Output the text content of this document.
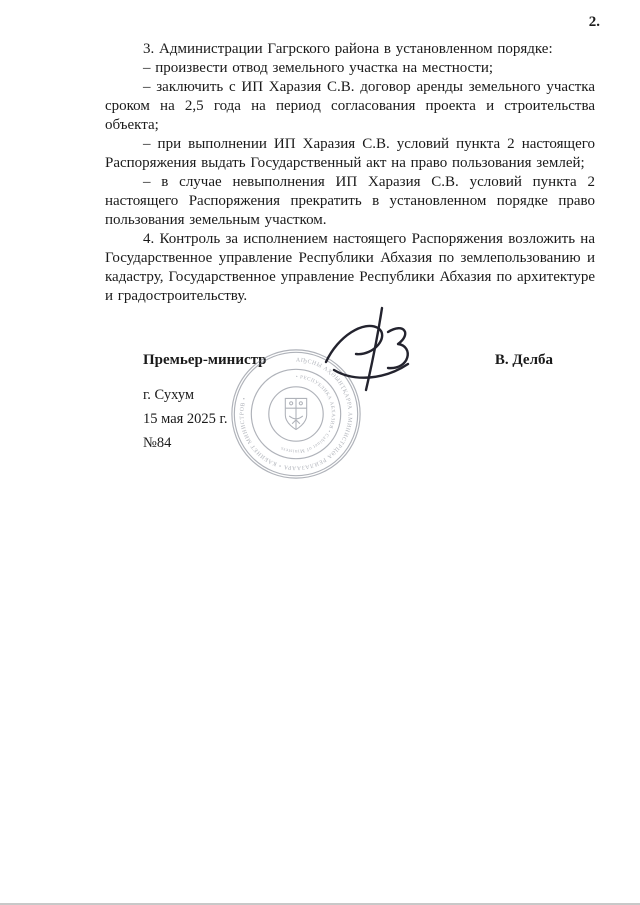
2.

3. Администрации Гагрского района в установленном порядке:

– произвести отвод земельного участка на местности;

– заключить с ИП Харазия С.В. договор аренды земельного участка сроком на 2,5 года на период согласования проекта и строительства объекта;

– при выполнении ИП Харазия С.В. условий пункта 2 настоящего Распоряжения выдать Государственный акт на право пользования землей;

– в случае невыполнения ИП Харазия С.В. условий пункта 2 настоящего Распоряжения прекратить в установленном порядке право пользования земельным участком.

4. Контроль за исполнением настоящего Распоряжения возложить на Государственное управление Республики Абхазия по землепользованию и кадастру, Государственное управление Республики Абхазия по архитектуре и градостроительству.

Премьер-министр	В. Делба
г. Сухум
15 мая 2025 г.
№84
АҦСНЫ АҲӘЫНҬҚАРРА АМИНИСТРЦӘА РЕИЛАЗААРА • КАБИНЕТ МИНИСТРОВ •
• РЕСПУБЛИКА АБХАЗИЯ • Cabinet of Ministers
